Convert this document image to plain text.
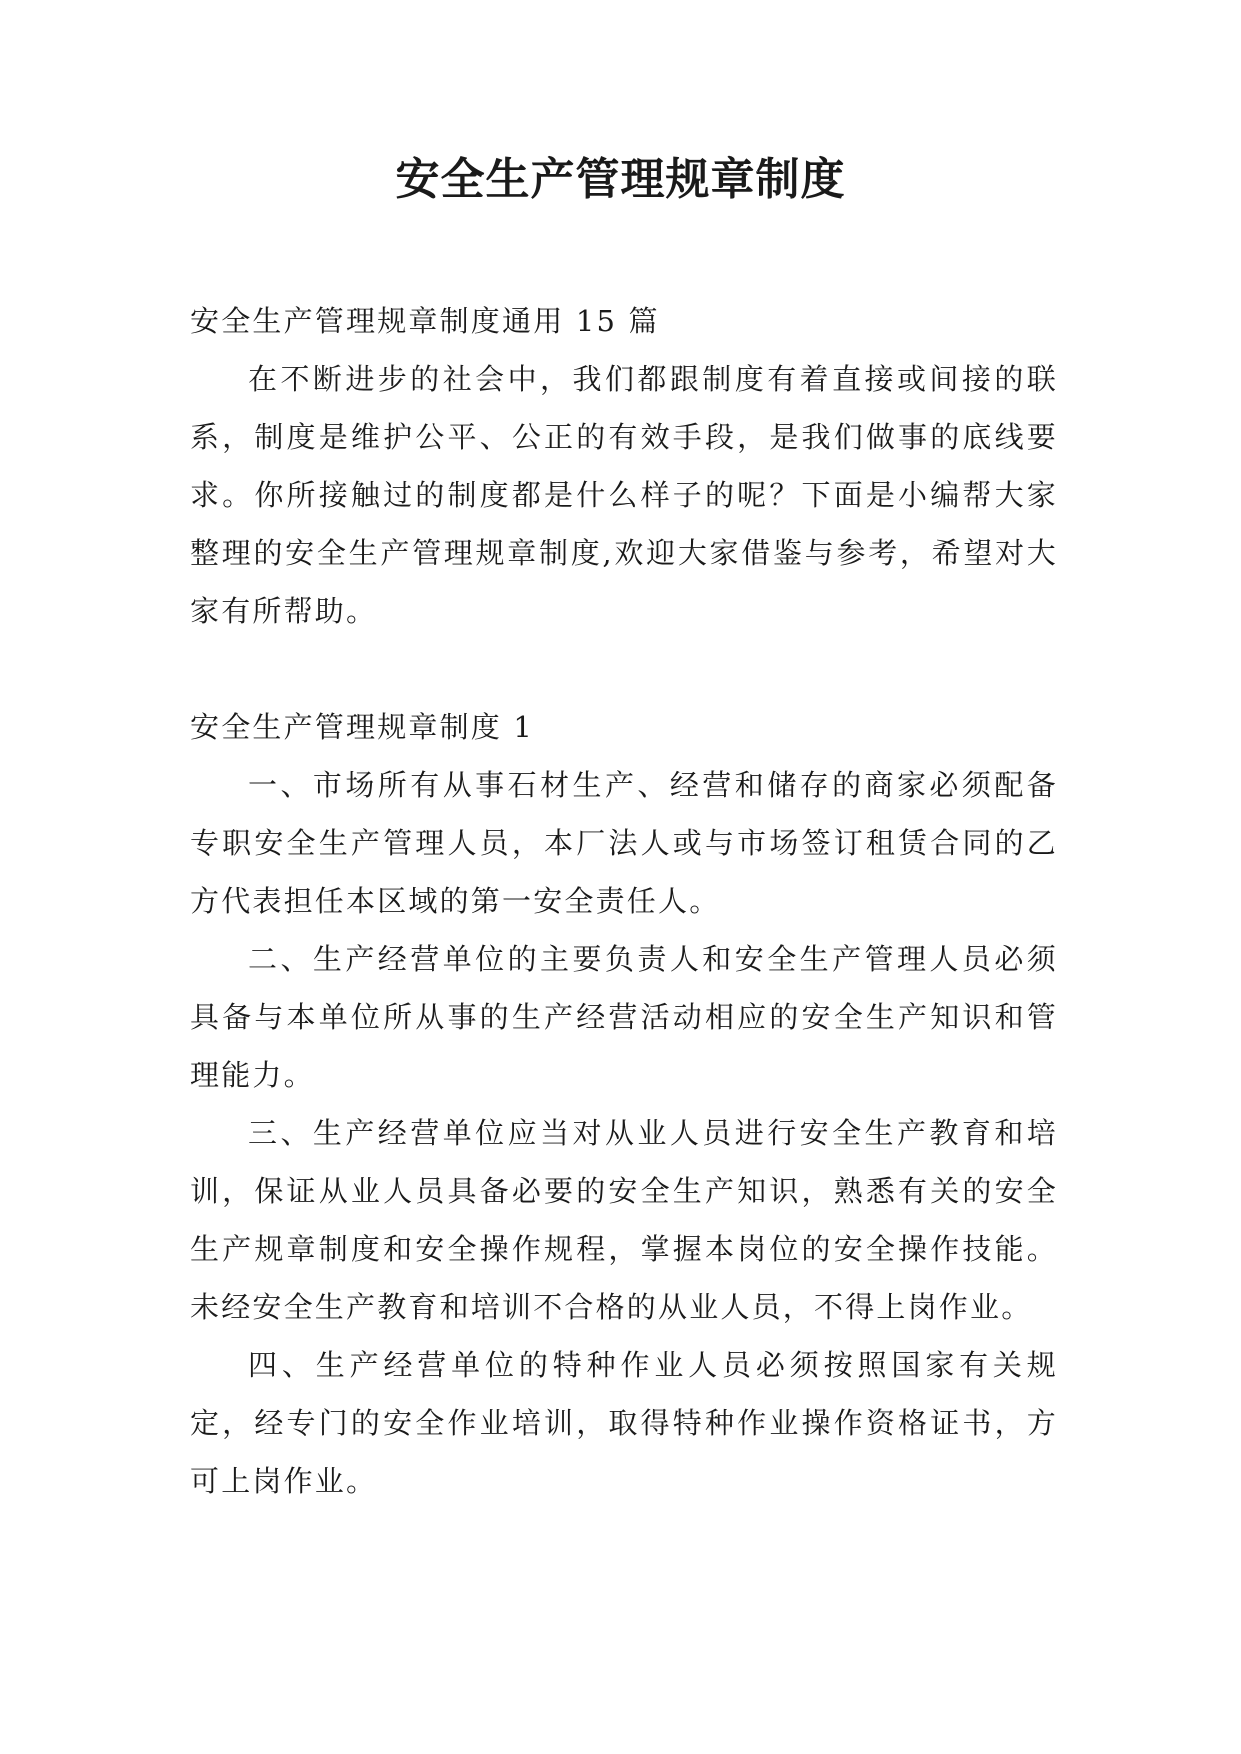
安全生产管理规章制度

安全生产管理规章制度通用 15 篇

在不断进步的社会中，我们都跟制度有着直接或间接的联系，制度是维护公平、公正的有效手段，是我们做事的底线要求。你所接触过的制度都是什么样子的呢？下面是小编帮大家整理的安全生产管理规章制度,欢迎大家借鉴与参考，希望对大家有所帮助。

安全生产管理规章制度 1

一、市场所有从事石材生产、经营和储存的商家必须配备专职安全生产管理人员，本厂法人或与市场签订租赁合同的乙方代表担任本区域的第一安全责任人。

二、生产经营单位的主要负责人和安全生产管理人员必须具备与本单位所从事的生产经营活动相应的安全生产知识和管理能力。

三、生产经营单位应当对从业人员进行安全生产教育和培训，保证从业人员具备必要的安全生产知识，熟悉有关的安全生产规章制度和安全操作规程，掌握本岗位的安全操作技能。未经安全生产教育和培训不合格的从业人员，不得上岗作业。

四、生产经营单位的特种作业人员必须按照国家有关规定，经专门的安全作业培训，取得特种作业操作资格证书，方可上岗作业。
